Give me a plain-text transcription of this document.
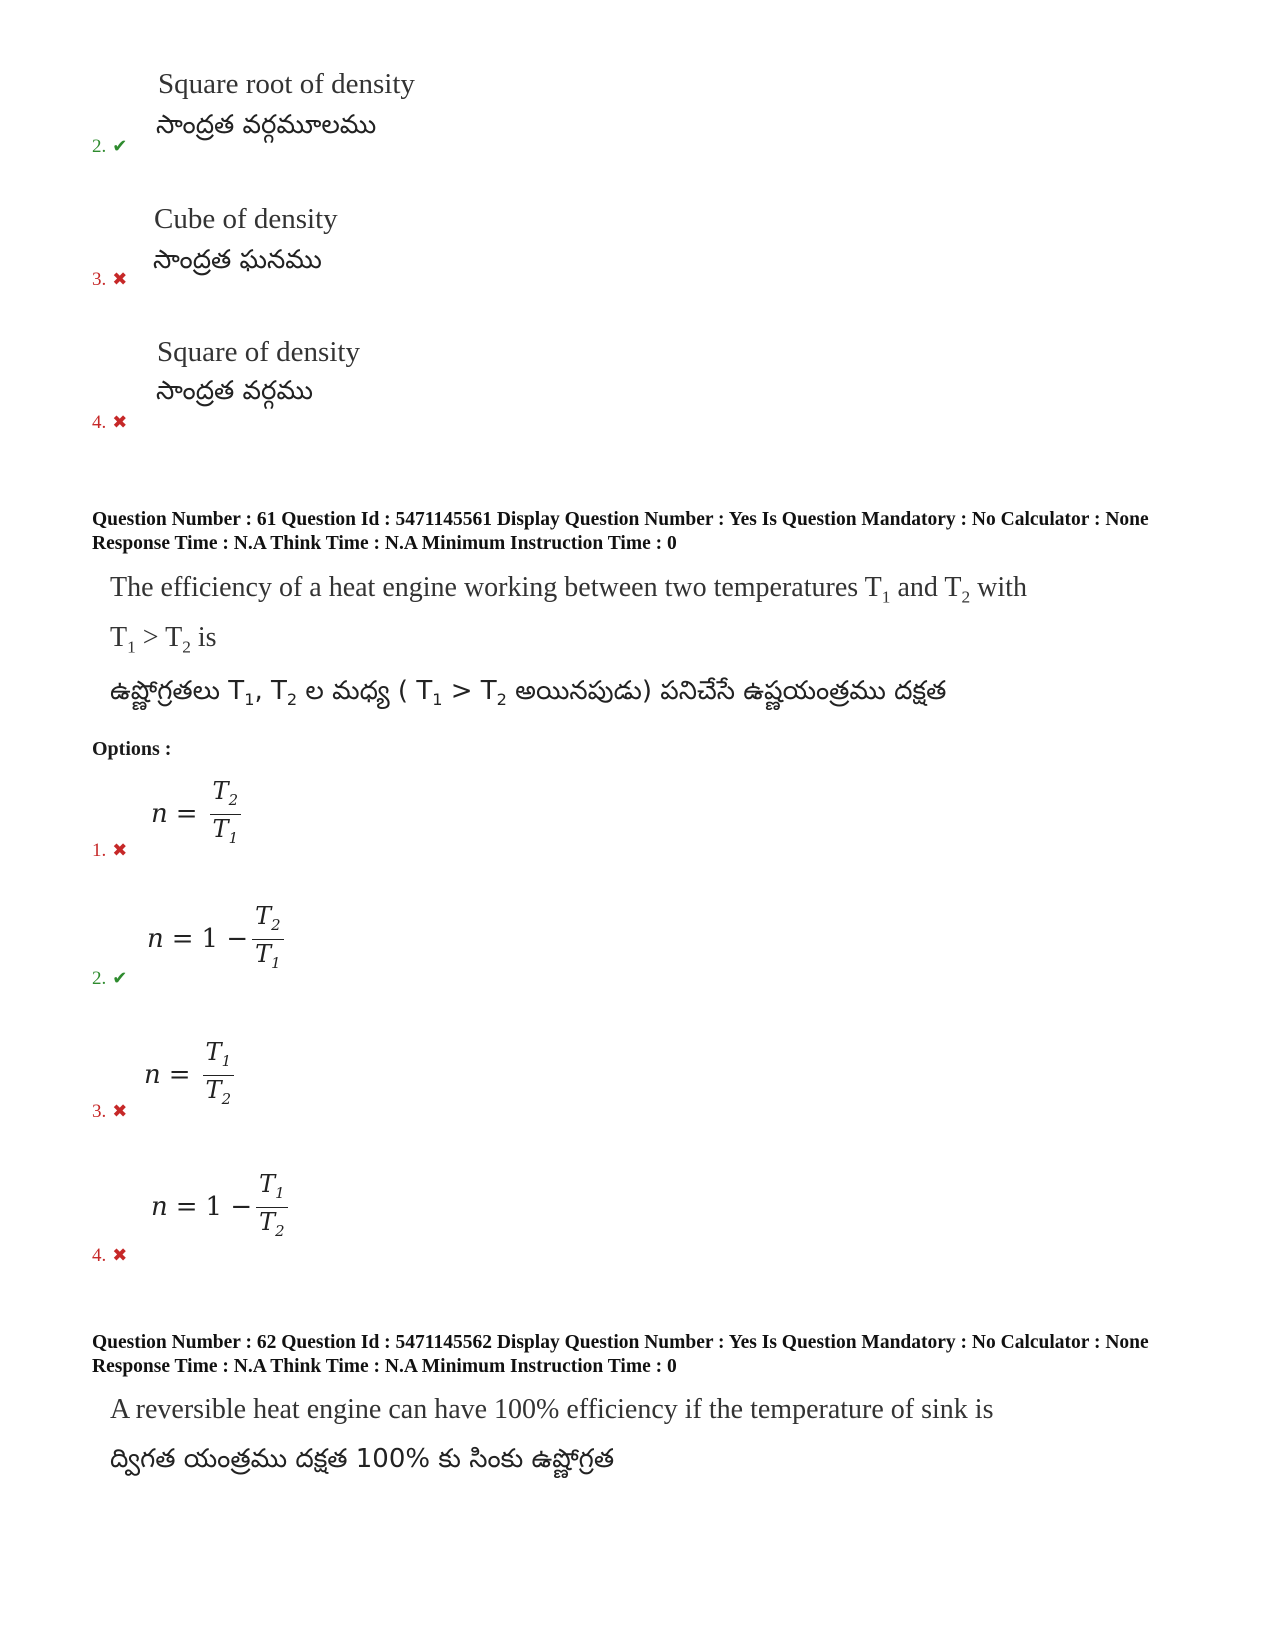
Square root of density
సాంద్రత వర్గమూలము
2. ✔
Cube of density
సాంద్రత ఘనము
3. ✖
Square of density
సాంద్రత వర్గము
4. ✖
Question Number : 61 Question Id : 5471145561 Display Question Number : Yes Is Question Mandatory : No Calculator : None Response Time : N.A Think Time : N.A Minimum Instruction Time : 0
The efficiency of a heat engine working between two temperatures $T_1$ and $T_2$ with
$T_1 > T_2$ is
ఉష్ణోగ్రతలు $T_1$, $T_2$ ల మధ్య ( $T_1 > T_2$ అయినపుడు) పనిచేసే ఉష్ణయంత్రము దక్షత
Options :
$n = \frac{T_2}{T_1}$
1. ✖
$n = 1 - \frac{T_2}{T_1}$
2. ✔
$n = \frac{T_1}{T_2}$
3. ✖
$n = 1 - \frac{T_1}{T_2}$
4. ✖
Question Number : 62 Question Id : 5471145562 Display Question Number : Yes Is Question Mandatory : No Calculator : None Response Time : N.A Think Time : N.A Minimum Instruction Time : 0
A reversible heat engine can have 100% efficiency if the temperature of sink is
ద్విగత యంత్రము దక్షత 100% కు సింకు ఉష్ణోగ్రత
